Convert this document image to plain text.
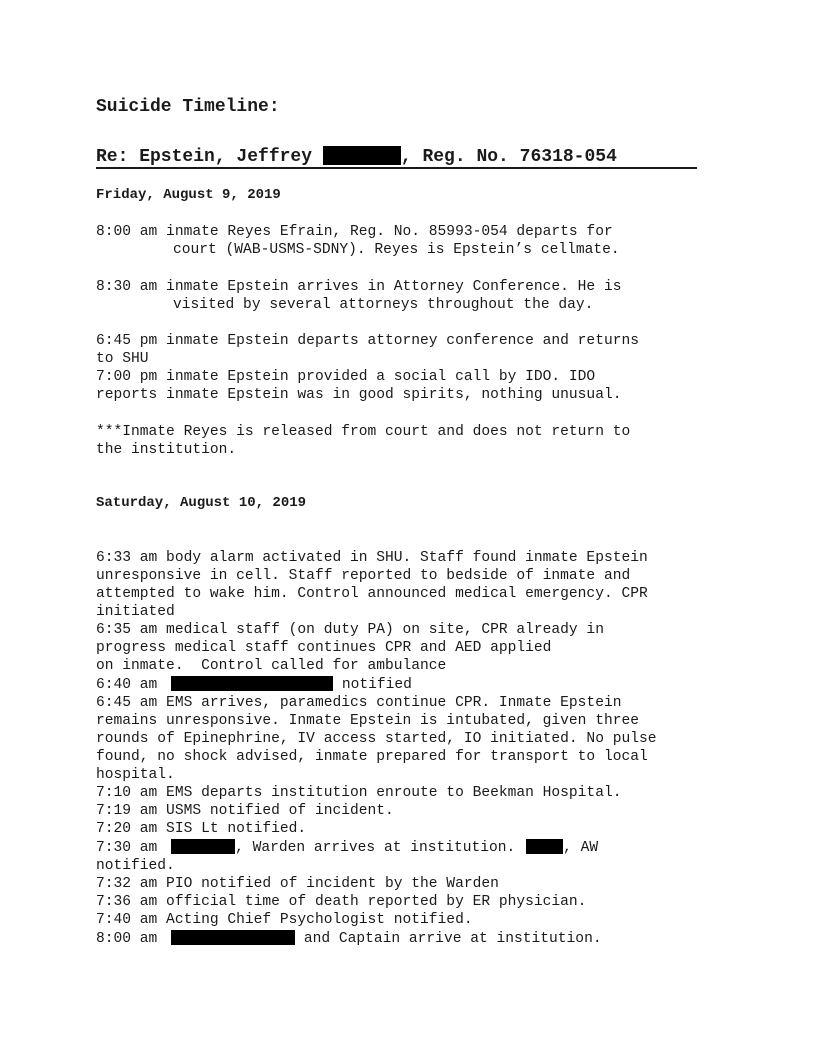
Suicide Timeline:
Re: Epstein, Jeffrey	, Reg. No. 76318-054
Friday, August 9, 2019
8:00 am inmate Reyes Efrain, Reg. No. 85993-054 departs for
court (WAB-USMS-SDNY). Reyes is Epstein’s cellmate.
8:30 am inmate Epstein arrives in Attorney Conference. He is
visited by several attorneys throughout the day.
6:45 pm inmate Epstein departs attorney conference and returns
to SHU
7:00 pm inmate Epstein provided a social call by IDO. IDO
reports inmate Epstein was in good spirits, nothing unusual.
***Inmate Reyes is released from court and does not return to
the institution.
Saturday, August 10, 2019
6:33 am body alarm activated in SHU. Staff found inmate Epstein
unresponsive in cell. Staff reported to bedside of inmate and
attempted to wake him. Control announced medical emergency. CPR
initiated
6:35 am medical staff (on duty PA) on site, CPR already in
progress medical staff continues CPR and AED applied
on inmate.  Control called for ambulance
6:40 am	notified
6:45 am EMS arrives, paramedics continue CPR. Inmate Epstein
remains unresponsive. Inmate Epstein is intubated, given three
rounds of Epinephrine, IV access started, IO initiated. No pulse
found, no shock advised, inmate prepared for transport to local
hospital.
7:10 am EMS departs institution enroute to Beekman Hospital.
7:19 am USMS notified of incident.
7:20 am SIS Lt notified.
7:30 am	, Warden arrives at institution.	, AW
notified.
7:32 am PIO notified of incident by the Warden
7:36 am official time of death reported by ER physician.
7:40 am Acting Chief Psychologist notified.
8:00 am	and Captain arrive at institution.
